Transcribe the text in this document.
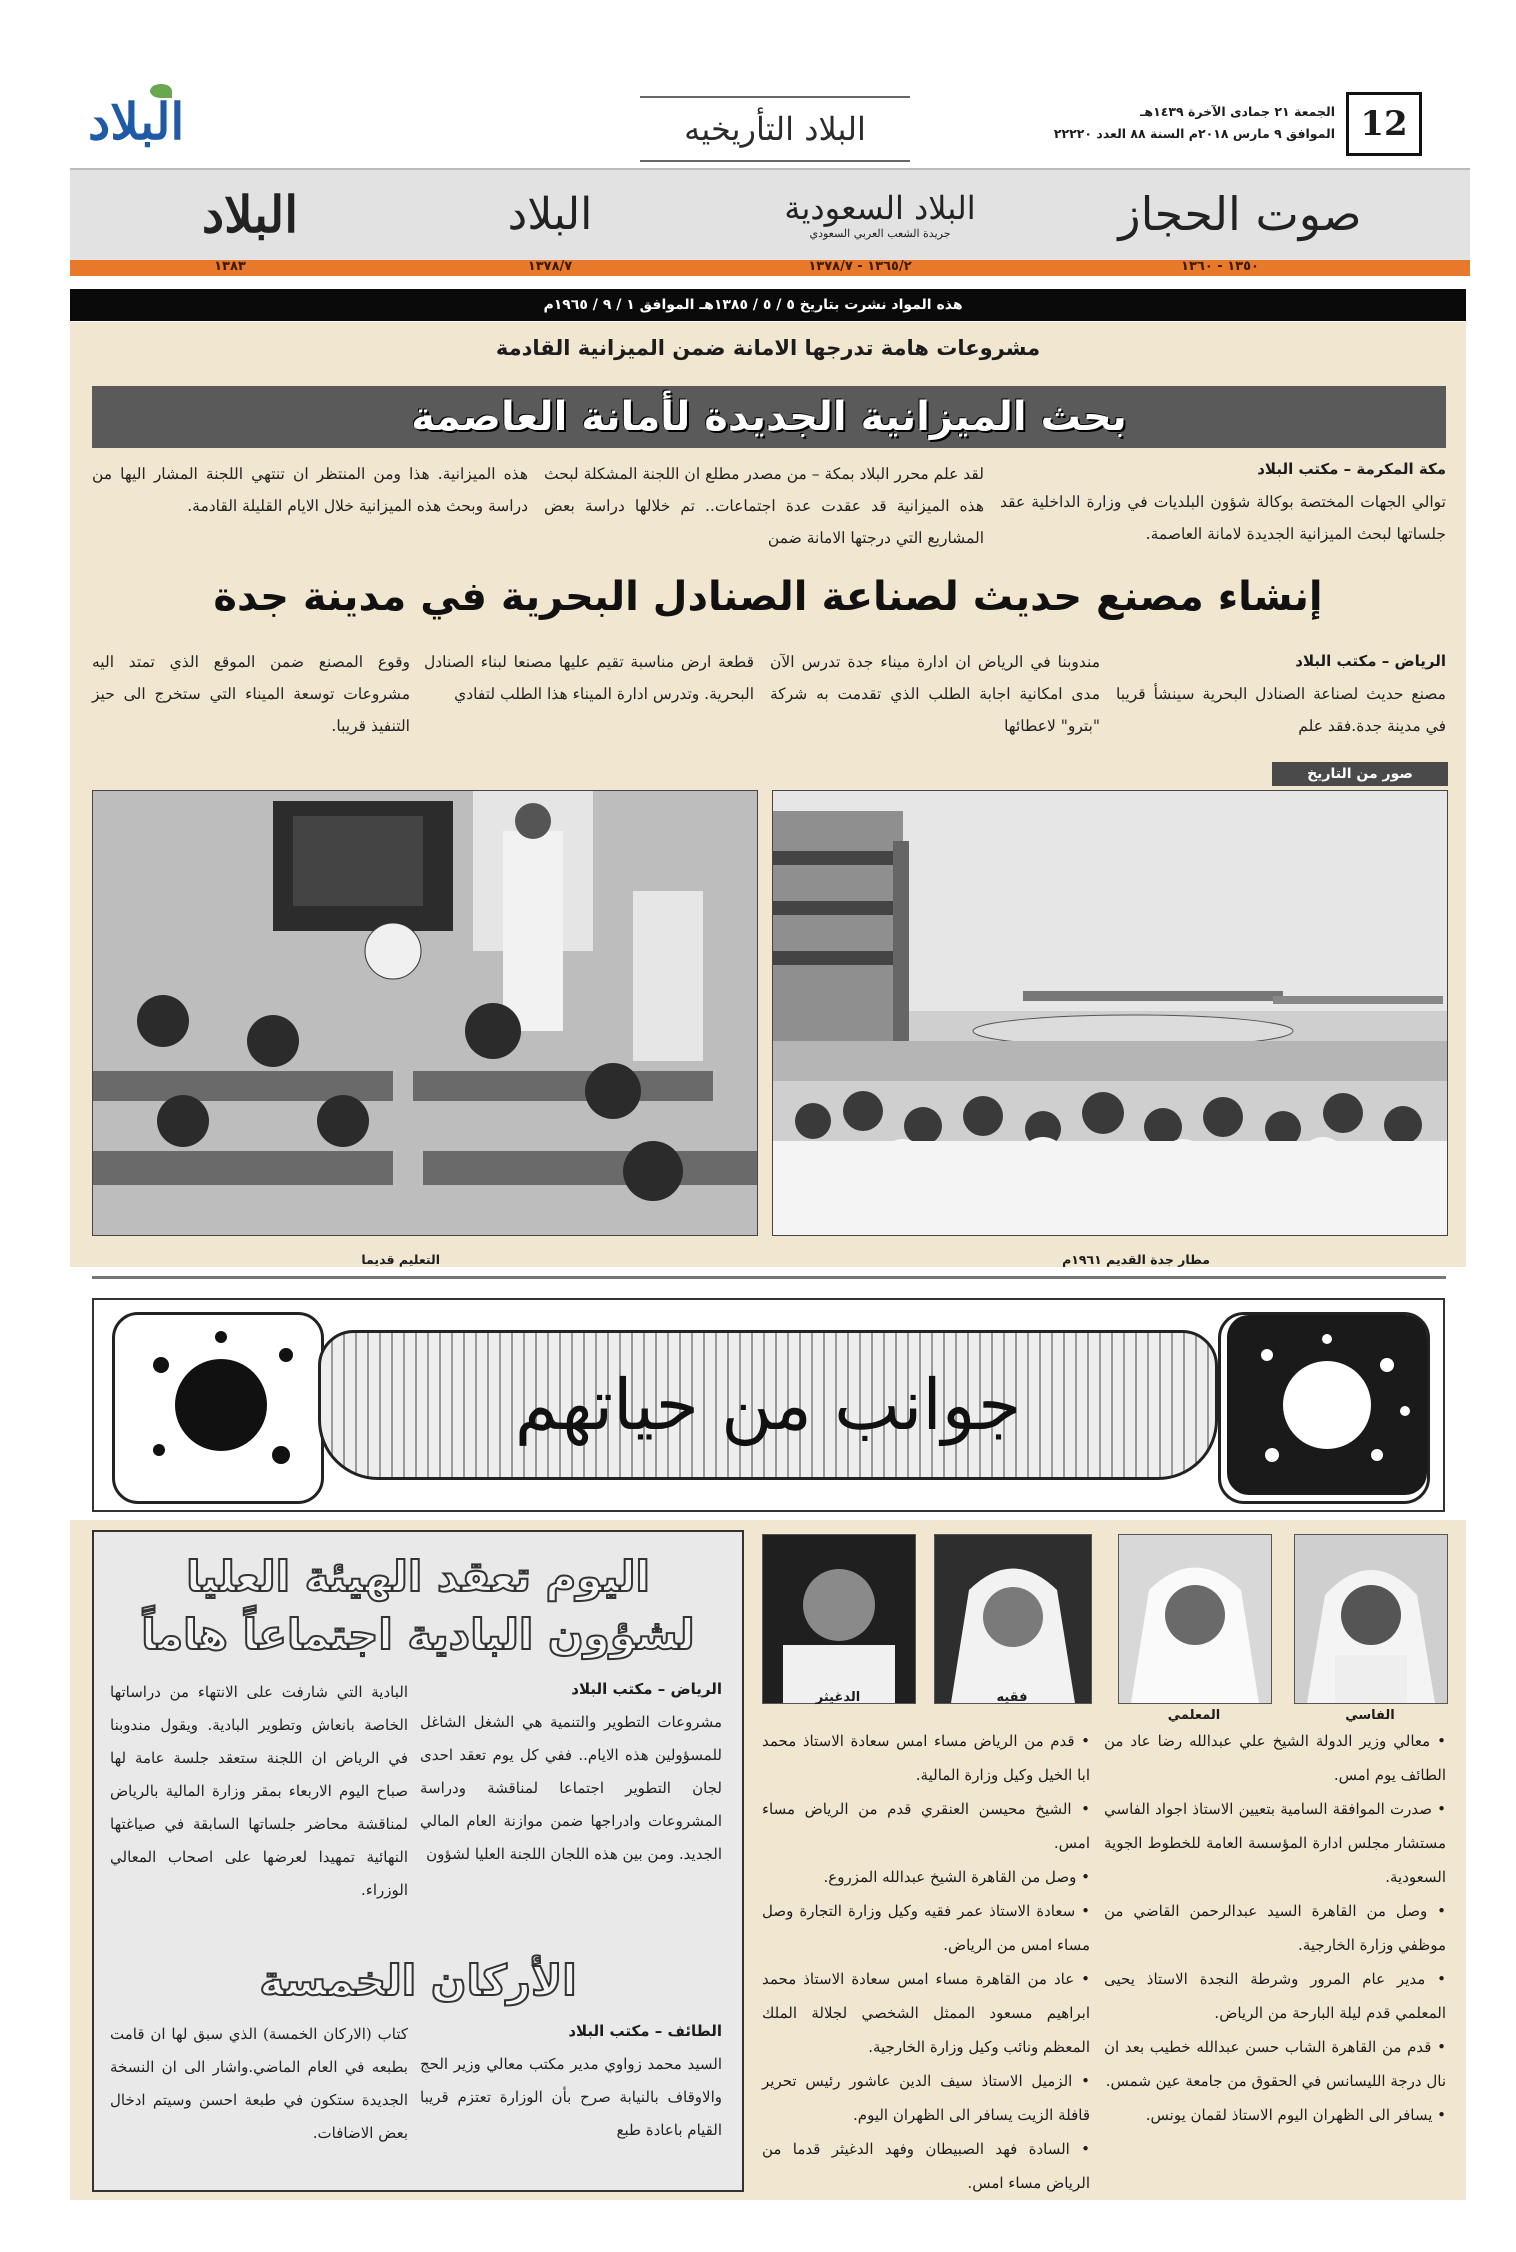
12
الجمعة ٢١ جمادى الآخرة ١٤٣٩هـ
الموافق ٩ مارس ٢٠١٨م السنة ٨٨ العدد ٢٢٢٢٠
البلاد التأريخيه
البلاد
صوت الحجاز
البلاد السعودية
جريدة الشعب العربي السعودي
البلاد
البلاد
١٣٥٠ - ١٣٦٠
١٣٦٥/٢ - ١٣٧٨/٧
١٣٧٨/٧
١٣٨٣
هذه المواد نشرت بتاريخ ٥ / ٥ / ١٣٨٥هـ الموافق ١ / ٩ / ١٩٦٥م
مشروعات هامة تدرجها الامانة ضمن الميزانية القادمة
بحث الميزانية الجديدة لأمانة العاصمة
مكة المكرمة – مكتب البلاد
توالي الجهات المختصة بوكالة شؤون البلديات في وزارة الداخلية عقد جلساتها لبحث الميزانية الجديدة لامانة العاصمة.
لقد علم محرر البلاد بمكة – من مصدر مطلع ان اللجنة المشكلة لبحث هذه الميزانية قد عقدت عدة اجتماعات.. تم خلالها دراسة بعض المشاريع التي درجتها الامانة ضمن
هذه الميزانية. هذا ومن المنتظر ان تنتهي اللجنة المشار اليها من دراسة وبحث هذه الميزانية خلال الايام القليلة القادمة.
إنشاء مصنع حديث لصناعة الصنادل البحرية في مدينة جدة
الرياض – مكتب البلاد
مصنع حديث لصناعة الصنادل البحرية سينشأ قريبا في مدينة جدة.فقد علم
مندوبنا في الرياض ان ادارة ميناء جدة تدرس الآن مدى امكانية اجابة الطلب الذي تقدمت به شركة "بترو" لاعطائها
قطعة ارض مناسبة تقيم عليها مصنعا لبناء الصنادل البحرية. وتدرس ادارة الميناء هذا الطلب لتفادي
وقوع المصنع ضمن الموقع الذي تمتد اليه مشروعات توسعة الميناء التي ستخرج الى حيز التنفيذ قريبا.
صور من التاريخ
مطار جدة القديم ١٩٦١م
التعليم قديما
جوانب من حياتهم
اليوم تعقد الهيئة العليا
لشؤون البادية اجتماعاً هاماً
الرياض – مكتب البلاد
مشروعات التطوير والتنمية هي الشغل الشاغل للمسؤولين هذه الايام.. ففي كل يوم تعقد احدى لجان التطوير اجتماعا لمناقشة ودراسة المشروعات وادراجها ضمن موازنة العام المالي الجديد. ومن بين هذه اللجان اللجنة العليا لشؤون
البادية التي شارفت على الانتهاء من دراساتها الخاصة بانعاش وتطوير البادية. ويقول مندوبنا في الرياض ان اللجنة ستعقد جلسة عامة لها صباح اليوم الاربعاء بمقر وزارة المالية بالرياض لمناقشة محاضر جلساتها السابقة في صياغتها النهائية تمهيدا لعرضها على اصحاب المعالي الوزراء.
الأركان الخمسة
الطائف – مكتب البلاد
السيد محمد زواوي مدير مكتب معالي وزير الحج والاوقاف بالنيابة صرح بأن الوزارة تعتزم قريبا القيام باعادة طبع
كتاب (الاركان الخمسة) الذي سبق لها ان قامت بطبعه في العام الماضي.واشار الى ان النسخة الجديدة ستكون في طبعة احسن وسيتم ادخال بعض الاضافات.
الفاسي
المعلمي
فقيه
الدغيثر
• معالي وزير الدولة الشيخ علي عبدالله رضا عاد من الطائف يوم امس.
• صدرت الموافقة السامية بتعيين الاستاذ اجواد الفاسي مستشار مجلس ادارة المؤسسة العامة للخطوط الجوية السعودية.
• وصل من القاهرة السيد عبدالرحمن القاضي من موظفي وزارة الخارجية.
• مدير عام المرور وشرطة النجدة الاستاذ يحيى المعلمي قدم ليلة البارحة من الرياض.
• قدم من القاهرة الشاب حسن عبدالله خطيب بعد ان نال درجة الليسانس في الحقوق من جامعة عين شمس.
• يسافر الى الظهران اليوم الاستاذ لقمان يونس.
• قدم من الرياض مساء امس سعادة الاستاذ محمد ابا الخيل وكيل وزارة المالية.
• الشيخ محيسن العنقري قدم من الرياض مساء امس.
• وصل من القاهرة الشيخ عبدالله المزروع.
• سعادة الاستاذ عمر فقيه وكيل وزارة التجارة وصل مساء امس من الرياض.
• عاد من القاهرة مساء امس سعادة الاستاذ محمد ابراهيم مسعود الممثل الشخصي لجلالة الملك المعظم ونائب وكيل وزارة الخارجية.
• الزميل الاستاذ سيف الدين عاشور رئيس تحرير قافلة الزيت يسافر الى الظهران اليوم.
• السادة فهد الصبيطان وفهد الدغيثر قدما من الرياض مساء امس.
